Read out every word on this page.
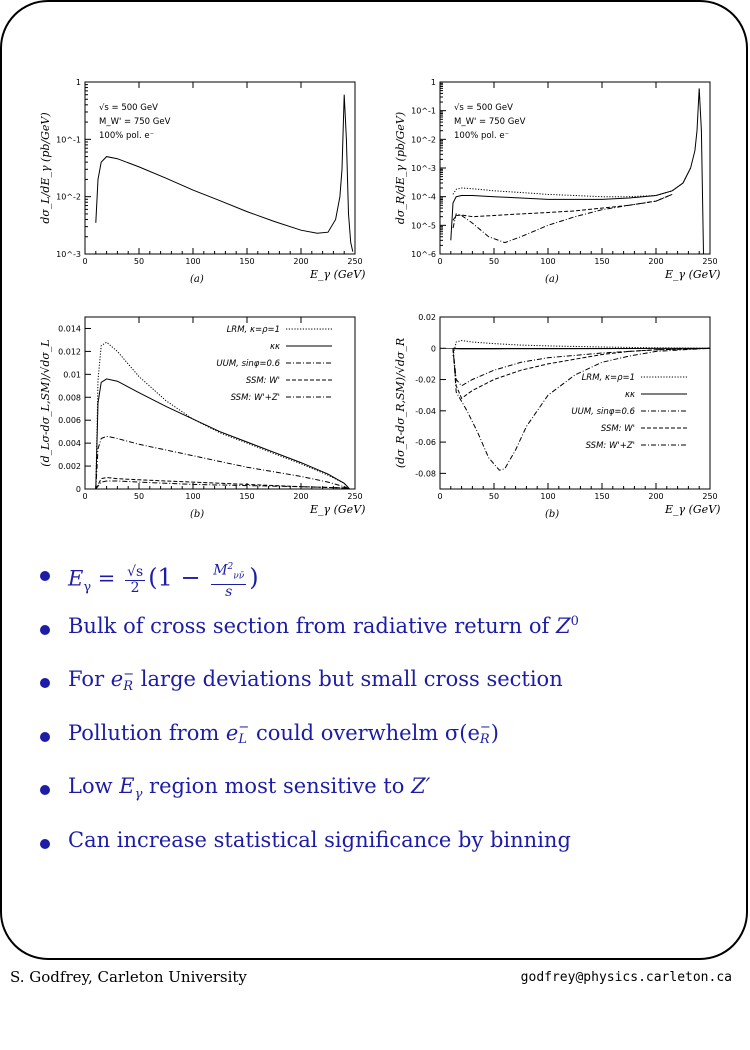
0	50	100	150	200	250
10^-3
10^-2
10^-1
1
E_γ (GeV)
dσ_L/dE_γ (pb/GeV)
(a)
√s = 500 GeV
M_W' = 750 GeV
100% pol. e⁻
0	50	100	150	200	250
10^-6
10^-5
10^-4
10^-3
10^-2
10^-1
1
E_γ (GeV)
dσ_R/dE_γ (pb/GeV)
(a)
√s = 500 GeV
M_W' = 750 GeV
100% pol. e⁻
0	50	100	150	200	250
0
0.002
0.004
0.006
0.008
0.01
0.012
0.014
E_γ (GeV)
(d_Lσ-dσ_L,SM)/√dσ_L
(b)
LRM, κ=ρ=1
κκ
UUM, sinφ=0.6
SSM: W'
SSM: W'+Z'
0	50	100	150	200	250
-0.08
-0.06
-0.04
-0.02
0
0.02
E_γ (GeV)
(dσ_R-dσ_R,SM)/√dσ_R
(b)
LRM, κ=ρ=1
κκ
UUM, sinφ=0.6
SSM: W'
SSM: W'+Z'
$E_\gamma = \frac{√s}{2} (1 - \frac{M^2_{\nu\nū}}{s}$ )
Bulk of cross section from radiative return of $Z^0$
For e −
R large deviations but small cross section
Pollution from e −
L could overwhelm σ(e −
R )
Low $E_\gamma$ region most sensitive to Z′
Can increase statistical significance by binning
S. Godfrey, Carleton University	godfrey@physics.carleton.ca
